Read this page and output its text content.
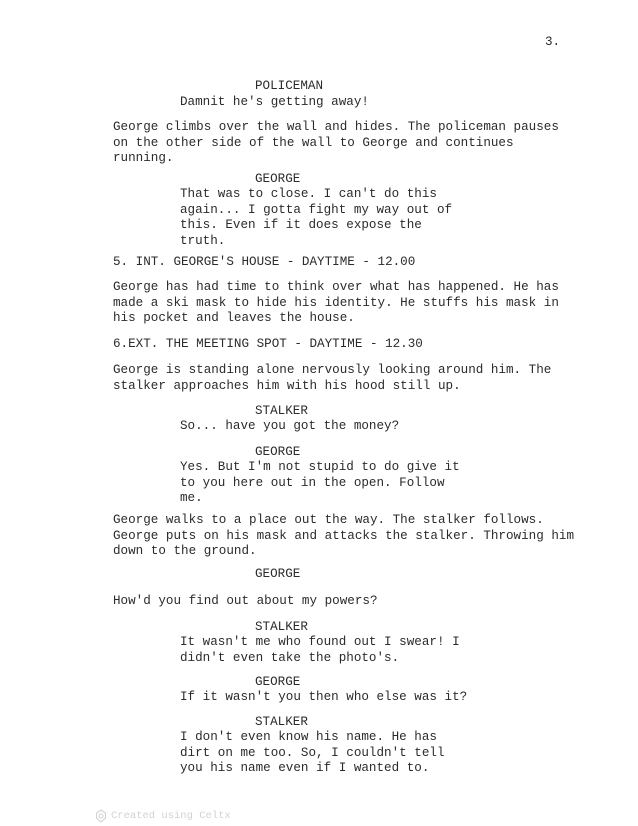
3.
POLICEMAN
Damnit he's getting away!
George climbs over the wall and hides. The policeman pauses
on the other side of the wall to George and continues
running.
GEORGE
That was to close. I can't do this
again... I gotta fight my way out of
this. Even if it does expose the
truth.
5. INT. GEORGE'S HOUSE - DAYTIME - 12.00
George has had time to think over what has happened. He has
made a ski mask to hide his identity. He stuffs his mask in
his pocket and leaves the house.
6.EXT. THE MEETING SPOT - DAYTIME - 12.30
George is standing alone nervously looking around him. The
stalker approaches him with his hood still up.
STALKER
So... have you got the money?
GEORGE
Yes. But I'm not stupid to do give it
to you here out in the open. Follow
me.
George walks to a place out the way. The stalker follows.
George puts on his mask and attacks the stalker. Throwing him
down to the ground.
GEORGE
How'd you find out about my powers?
STALKER
It wasn't me who found out I swear! I
didn't even take the photo's.
GEORGE
If it wasn't you then who else was it?
STALKER
I don't even know his name. He has
dirt on me too. So, I couldn't tell
you his name even if I wanted to.
Created using Celtx
